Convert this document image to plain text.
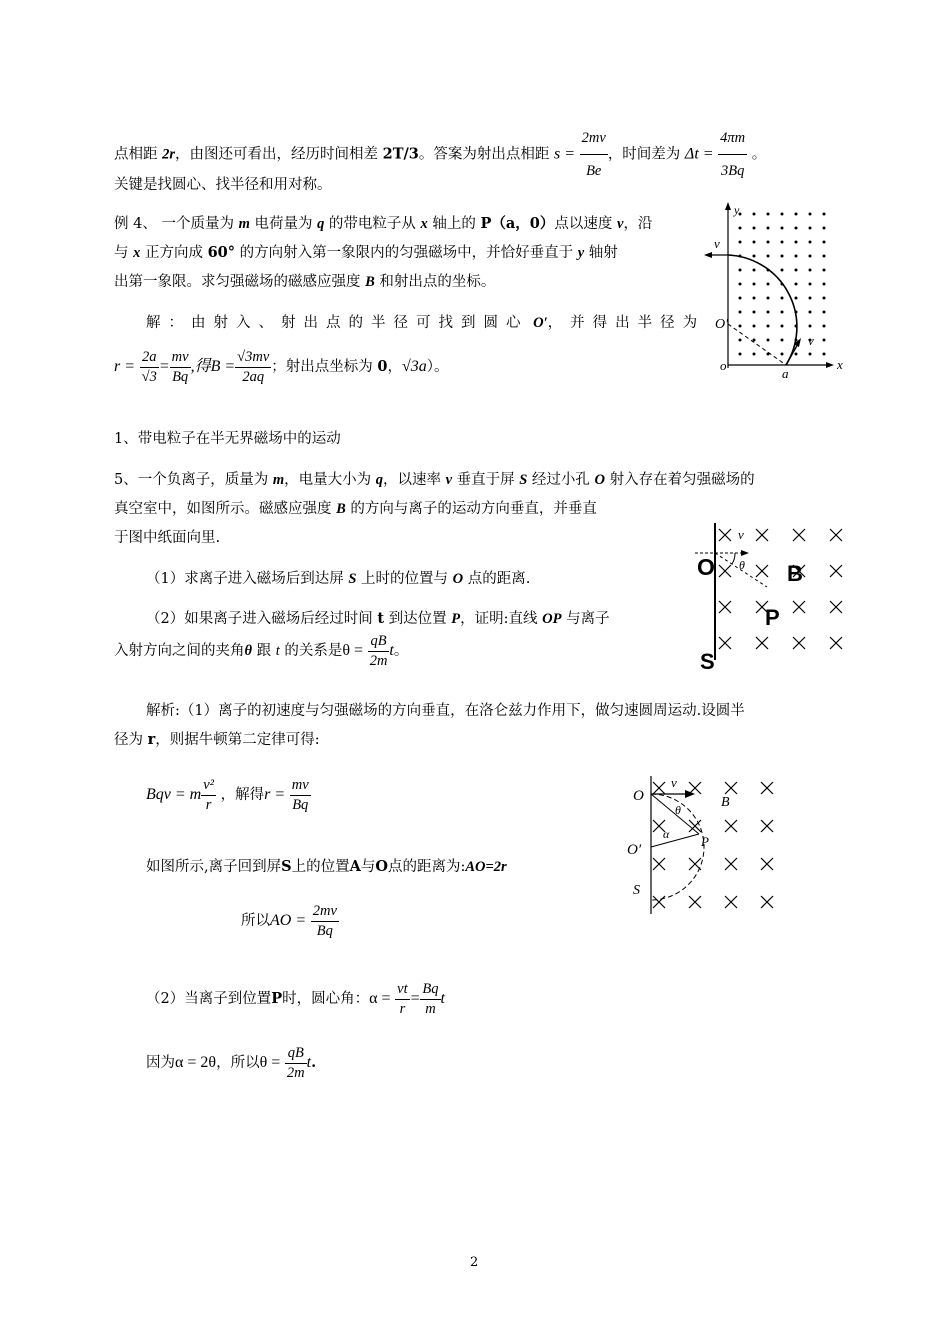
点相距 2r，由图还可看出，经历时间相差 2T/3。答案为射出点相距 $s = \frac{2mv}{Be}$ ，时间差为 $\Delta t = \frac{4\pi m}{3Bq}$ 。
关键是找圆心、找半径和用对称。
例 4、 一个质量为 m 电荷量为 q 的带电粒子从 x 轴上的 P（a，0）点以速度 v，沿
与 x 正方向成 60° 的方向射入第一象限内的匀强磁场中，并恰好垂直于 y 轴射
出第一象限。求匀强磁场的磁感应强度 B 和射出点的坐标。
解：由射入、射出点的半径可找到圆心 O′，并得出半径为
$r = \frac{2a}{√3} = \frac{mv}{Bq}$ ,得$B = \frac{√3mv}{2aq}$ ；射出点坐标为 0，√3a）。
y
v
O′
v
o
a
x
1、带电粒子在半无界磁场中的运动
5、一个负离子，质量为 m，电量大小为 q，以速率 v 垂直于屏 S 经过小孔 O 射入存在着匀强磁场的
真空室中，如图所示。磁感应强度 B 的方向与离子的运动方向垂直，并垂直
于图中纸面向里.
（1）求离子进入磁场后到达屏 S 上时的位置与 O 点的距离.
（2）如果离子进入磁场后经过时间 t 到达位置 P，证明:直线 OP 与离子
入射方向之间的夹角θ 跟 t 的关系是$\theta = \frac{qB}{2m}$ t。
v
O θ B
P
S
解析:（1）离子的初速度与匀强磁场的方向垂直，在洛仑兹力作用下，做匀速圆周运动.设圆半
径为 r，则据牛顿第二定律可得:
Bqv = m $\frac{\text{v²}}{r}$ ，解得$r = \frac{mv}{Bq}$
如图所示,离子回到屏S上的位置A与O点的距离为:AO=2r
所以AO = $\frac{2mv}{Bq}$
（2）当离子到位置P时，圆心角：$\alpha = \frac{vt}{r} = \frac{Bq}{m}$ t
因为α = 2θ，所以$\theta = \frac{qB}{2m} t$.
O
v
B
θ
α
O′
P
S
2
